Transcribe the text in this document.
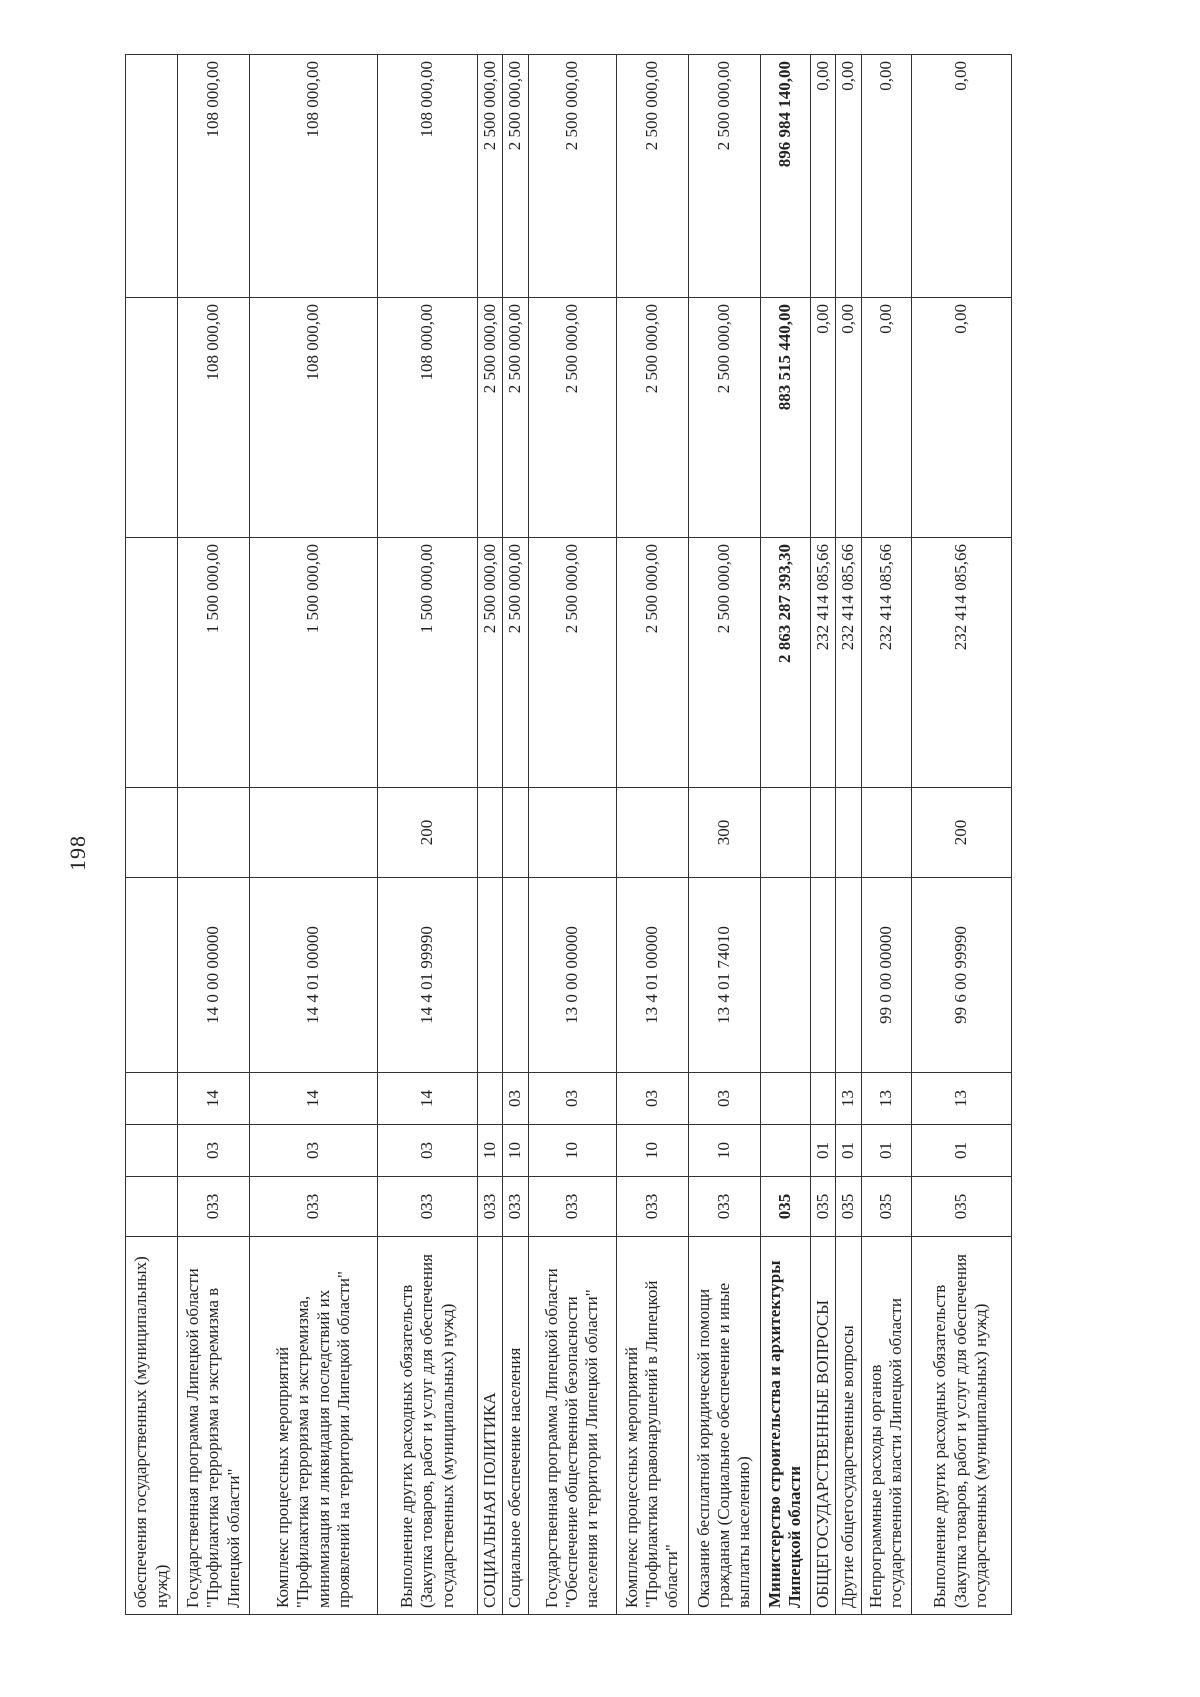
198
обеспечения государственных (муниципальных) нужд)								
Государственная программа Липецкой области "Профилактика терроризма и экстремизма в Липецкой области"	033	03	14	14 0 00 00000		1 500 000,00	108 000,00	108 000,00
Комплекс процессных мероприятий "Профилактика терроризма и экстремизма, минимизация и ликвидация последствий их проявлений на территории Липецкой области"	033	03	14	14 4 01 00000		1 500 000,00	108 000,00	108 000,00
Выполнение других расходных обязательств (Закупка товаров, работ и услуг для обеспечения государственных (муниципальных) нужд)	033	03	14	14 4 01 99990	200	1 500 000,00	108 000,00	108 000,00
СОЦИАЛЬНАЯ ПОЛИТИКА	033	10				2 500 000,00	2 500 000,00	2 500 000,00
Социальное обеспечение населения	033	10	03			2 500 000,00	2 500 000,00	2 500 000,00
Государственная программа Липецкой области "Обеспечение общественной безопасности населения и территории Липецкой области"	033	10	03	13 0 00 00000		2 500 000,00	2 500 000,00	2 500 000,00
Комплекс процессных мероприятий "Профилактика правонарушений в Липецкой области"	033	10	03	13 4 01 00000		2 500 000,00	2 500 000,00	2 500 000,00
Оказание бесплатной юридической помощи гражданам (Социальное обеспечение и иные выплаты населению)	033	10	03	13 4 01 74010	300	2 500 000,00	2 500 000,00	2 500 000,00
Министерство строительства и архитектуры Липецкой области	035					2 863 287 393,30	883 515 440,00	896 984 140,00
ОБЩЕГОСУДАРСТВЕННЫЕ ВОПРОСЫ	035	01				232 414 085,66	0,00	0,00
Другие общегосударственные вопросы	035	01	13			232 414 085,66	0,00	0,00
Непрограммные расходы органов государственной власти Липецкой области	035	01	13	99 0 00 00000		232 414 085,66	0,00	0,00
Выполнение других расходных обязательств (Закупка товаров, работ и услуг для обеспечения государственных (муниципальных) нужд)	035	01	13	99 6 00 99990	200	232 414 085,66	0,00	0,00
